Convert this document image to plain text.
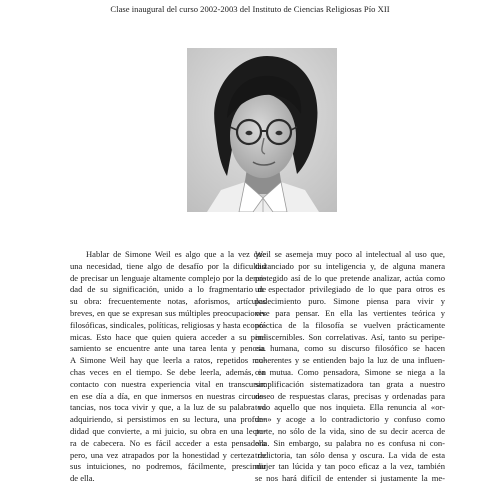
Clase inaugural del curso 2002-2003 del Instituto de Ciencias Religiosas Pío XII
Hablar de Simone Weil es algo que a la vez que
una necesidad, tiene algo de desafío por la dificultad
de precisar un lenguaje altamente complejo por la densi-
dad de su significación, unido a lo fragmentario de
su obra: frecuentemente notas, aforismos, artículos
breves, en que se expresan sus múltiples preocupaciones
filosóficas, sindicales, políticas, religiosas y hasta econó-
micas. Esto hace que quien quiera acceder a su pen-
samiento se encuentre ante una tarea lenta y penosa.
A Simone Weil hay que leerla a ratos, repetidos mu-
chas veces en el tiempo. Se debe leerla, además, en
contacto con nuestra experiencia vital en transcurso:
en ese día a día, en que inmersos en nuestras circuns-
tancias, nos toca vivir y que, a la luz de su palabra va
adquiriendo, si persistimos en su lectura, una profun-
didad que convierte, a mi juicio, su obra en una lectu-
ra de cabecera. No es fácil acceder a esta pensadora
pero, una vez atrapados por la honestidad y certeza de
sus intuiciones, no podremos, fácilmente, prescindir
de ella.
Weil se asemeja muy poco al intelectual al uso que,
distanciado por su inteligencia y, de alguna manera
protegido así de lo que pretende analizar, actúa como
un espectador privilegiado de lo que para otros es
padecimiento puro. Simone piensa para vivir y
vive para pensar. En ella las vertientes teórica y
práctica de la filosofía se vuelven prácticamente
indiscernibles. Son correlativas. Así, tanto su peripe-
cia humana, como su discurso filosófico se hacen
coherentes y se entienden bajo la luz de una influen-
cia mutua. Como pensadora, Simone se niega a la
simplificación sistematizadora tan grata a nuestro
deseo de respuestas claras, precisas y ordenadas para
todo aquello que nos inquieta. Ella renuncia al «or-
den» y acoge a lo contradictorio y confuso como
parte, no sólo de la vida, sino de su decir acerca de
ella. Sin embargo, su palabra no es confusa ni con-
tradictoria, tan sólo densa y oscura. La vida de esta
mujer tan lúcida y tan poco eficaz a la vez, también
se nos hará difícil de entender si justamente la me-
